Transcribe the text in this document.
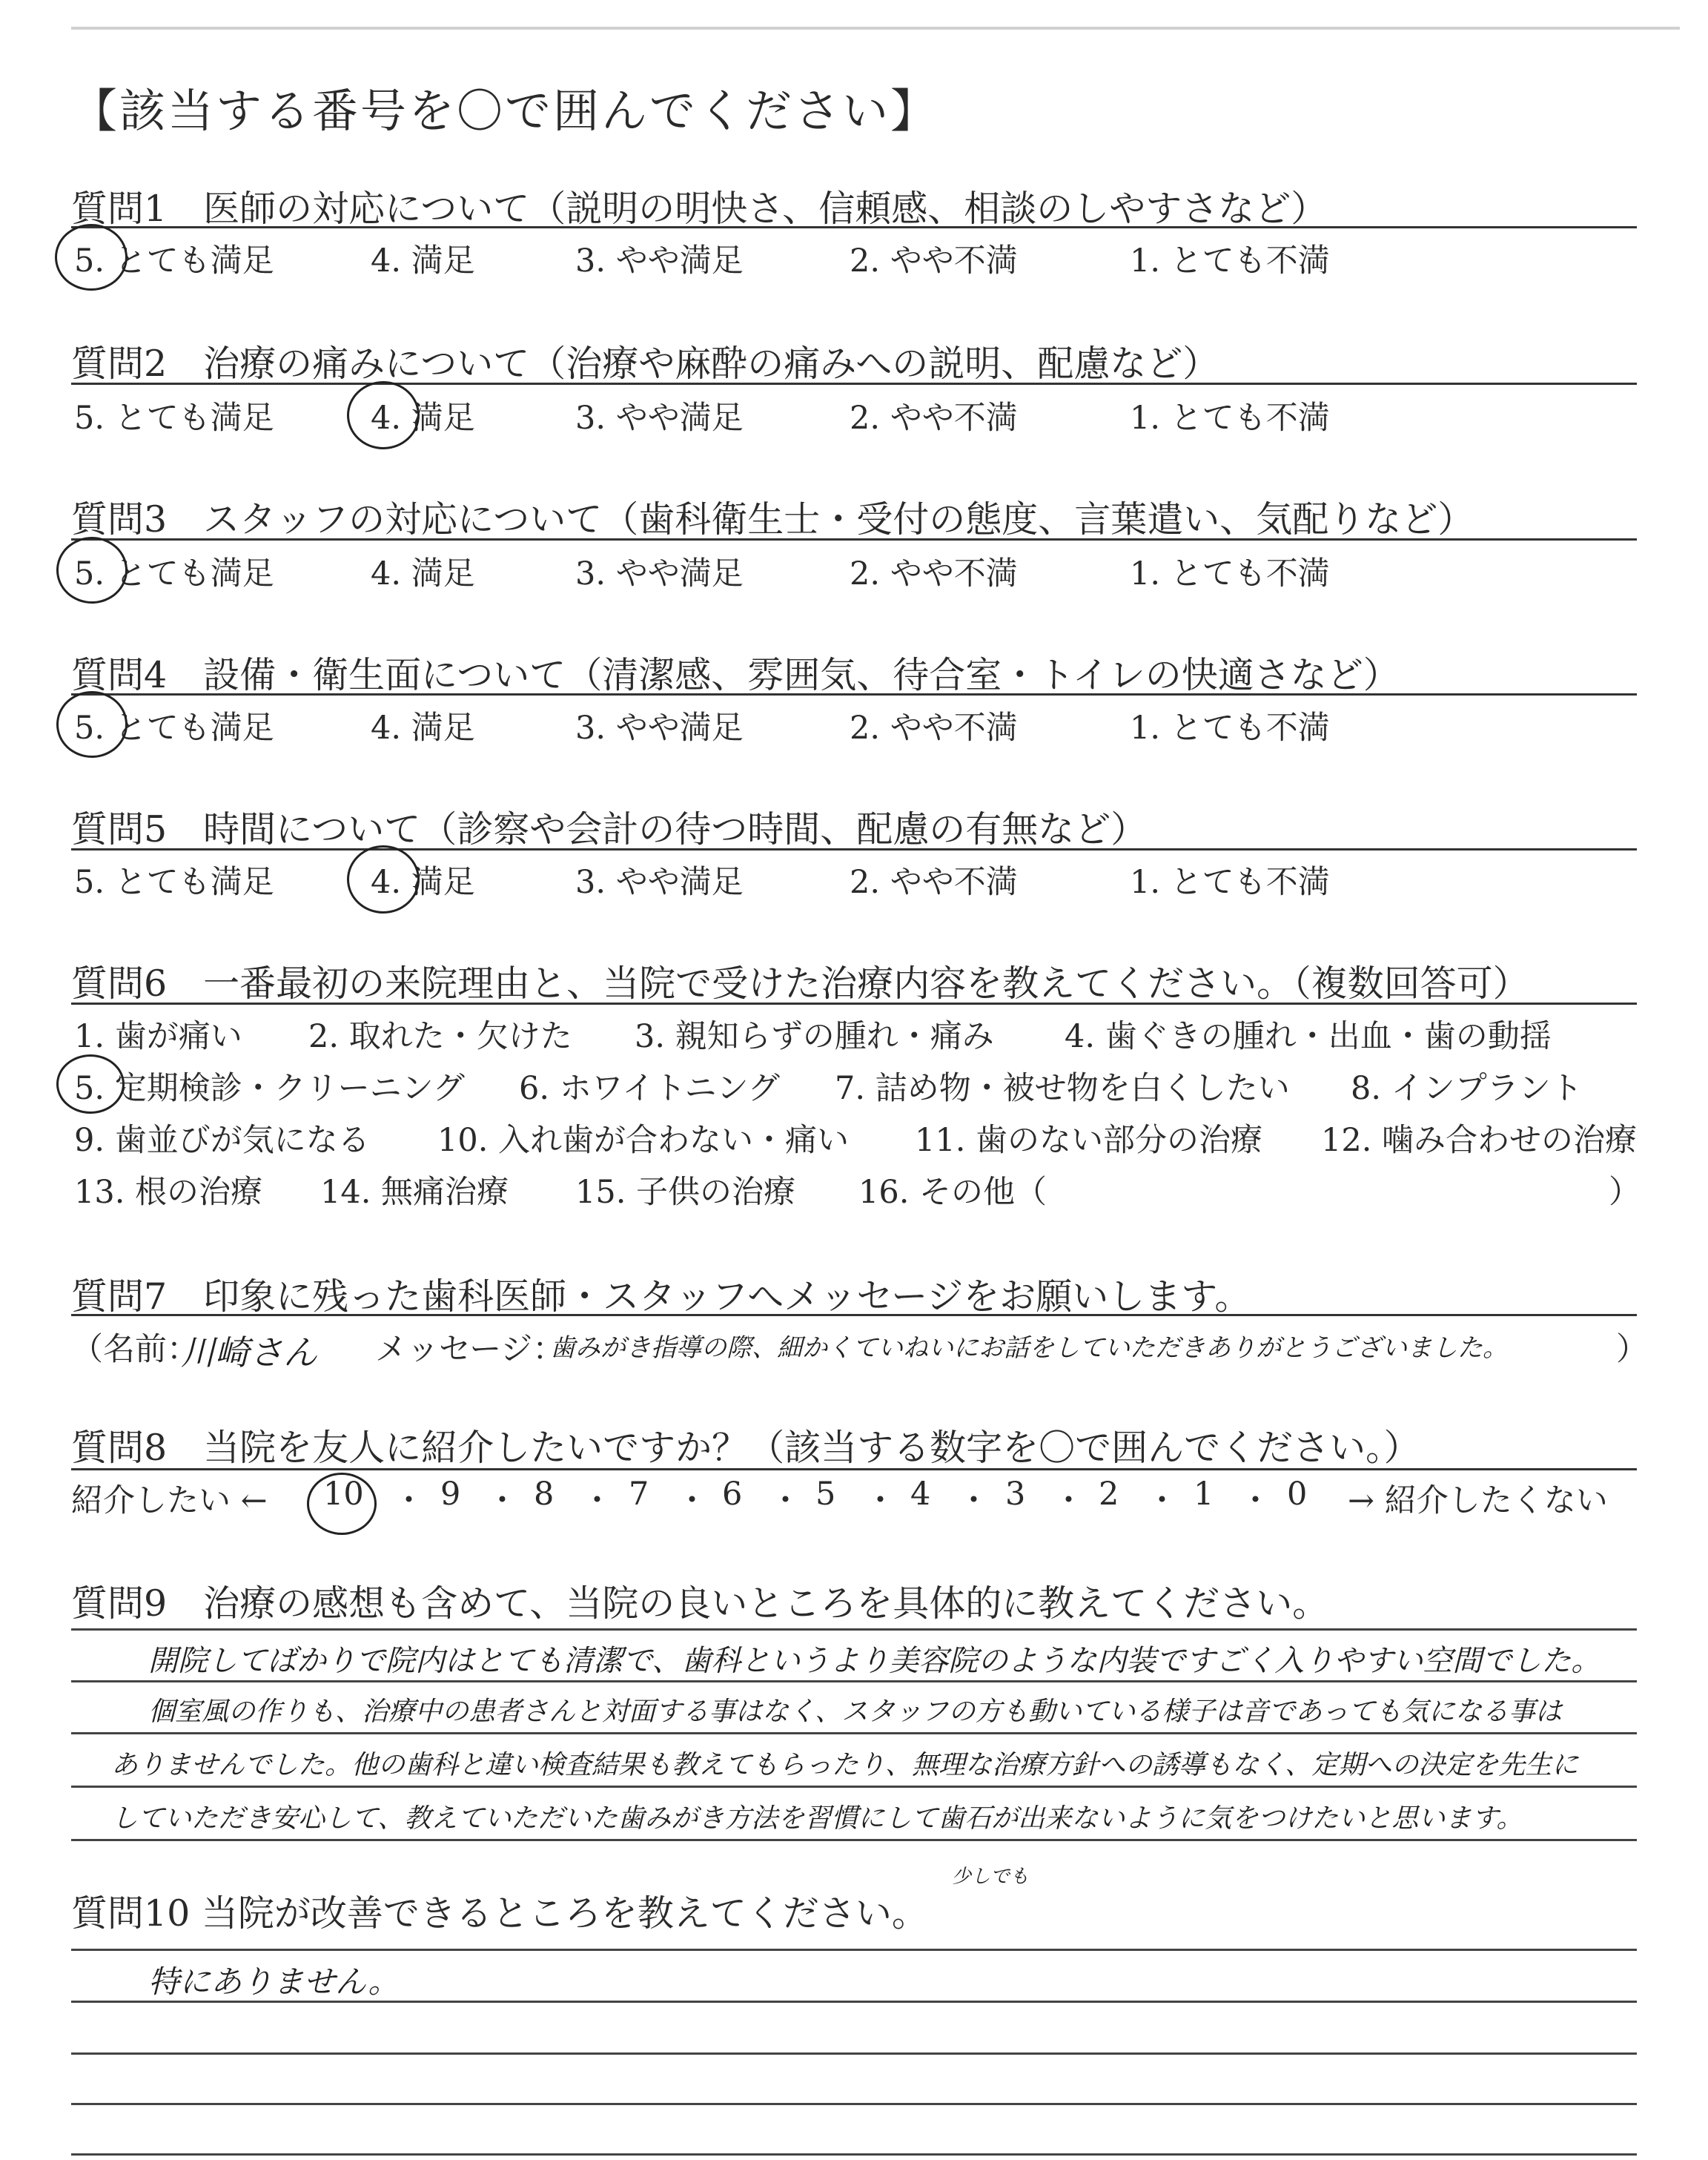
【該当する番号を〇で囲んでください】
質問1　医師の対応について（説明の明快さ、信頼感、相談のしやすさなど）
5. とても満足	4. 満足	3. やや満足	2. やや不満	1. とても不満
質問2　治療の痛みについて（治療や麻酔の痛みへの説明、配慮など）
5. とても満足	4. 満足	3. やや満足	2. やや不満	1. とても不満
質問3　スタッフの対応について（歯科衛生士・受付の態度、言葉遣い、気配りなど）
5. とても満足	4. 満足	3. やや満足	2. やや不満	1. とても不満
質問4　設備・衛生面について（清潔感、雰囲気、待合室・トイレの快適さなど）
5. とても満足	4. 満足	3. やや満足	2. やや不満	1. とても不満
質問5　時間について（診察や会計の待つ時間、配慮の有無など）
5. とても満足	4. 満足	3. やや満足	2. やや不満	1. とても不満
質問6　一番最初の来院理由と、当院で受けた治療内容を教えてください。（複数回答可）
1. 歯が痛い 2. 取れた・欠けた 3. 親知らずの腫れ・痛み 4. 歯ぐきの腫れ・出血・歯の動揺
5. 定期検診・クリーニング 6. ホワイトニング 7. 詰め物・被せ物を白くしたい 8. インプラント
9. 歯並びが気になる 10. 入れ歯が合わない・痛い 11. 歯のない部分の治療 12. 噛み合わせの治療
13. 根の治療 14. 無痛治療 15. 子供の治療 16. その他（	）
質問7　印象に残った歯科医師・スタッフへメッセージをお願いします。
（名前：
川崎さん メッセージ：
歯みがき指導の際、細かくていねいにお話をしていただきありがとうございました。	）
質問8　当院を友人に紹介したいですか？（該当する数字を〇で囲んでください。）
紹介したい ← 10 ・ 9 ・ 8 ・ 7 ・ 6 ・ 5 ・ 4 ・ 3 ・ 2 ・ 1 ・ 0 → 紹介したくない
質問9　治療の感想も含めて、当院の良いところを具体的に教えてください。
開院してばかりで院内はとても清潔で、歯科というより美容院のような内装ですごく入りやすい空間でした。
個室風の作りも、治療中の患者さんと対面する事はなく、スタッフの方も動いている様子は音であっても気になる事は
ありませんでした。他の歯科と違い検査結果も教えてもらったり、無理な治療方針への誘導もなく、定期への決定を先生に
していただき安心して、教えていただいた歯みがき方法を習慣にして歯石が出来ないように気をつけたいと思います。
少しでも
質問10 当院が改善できるところを教えてください。
特にありません。
